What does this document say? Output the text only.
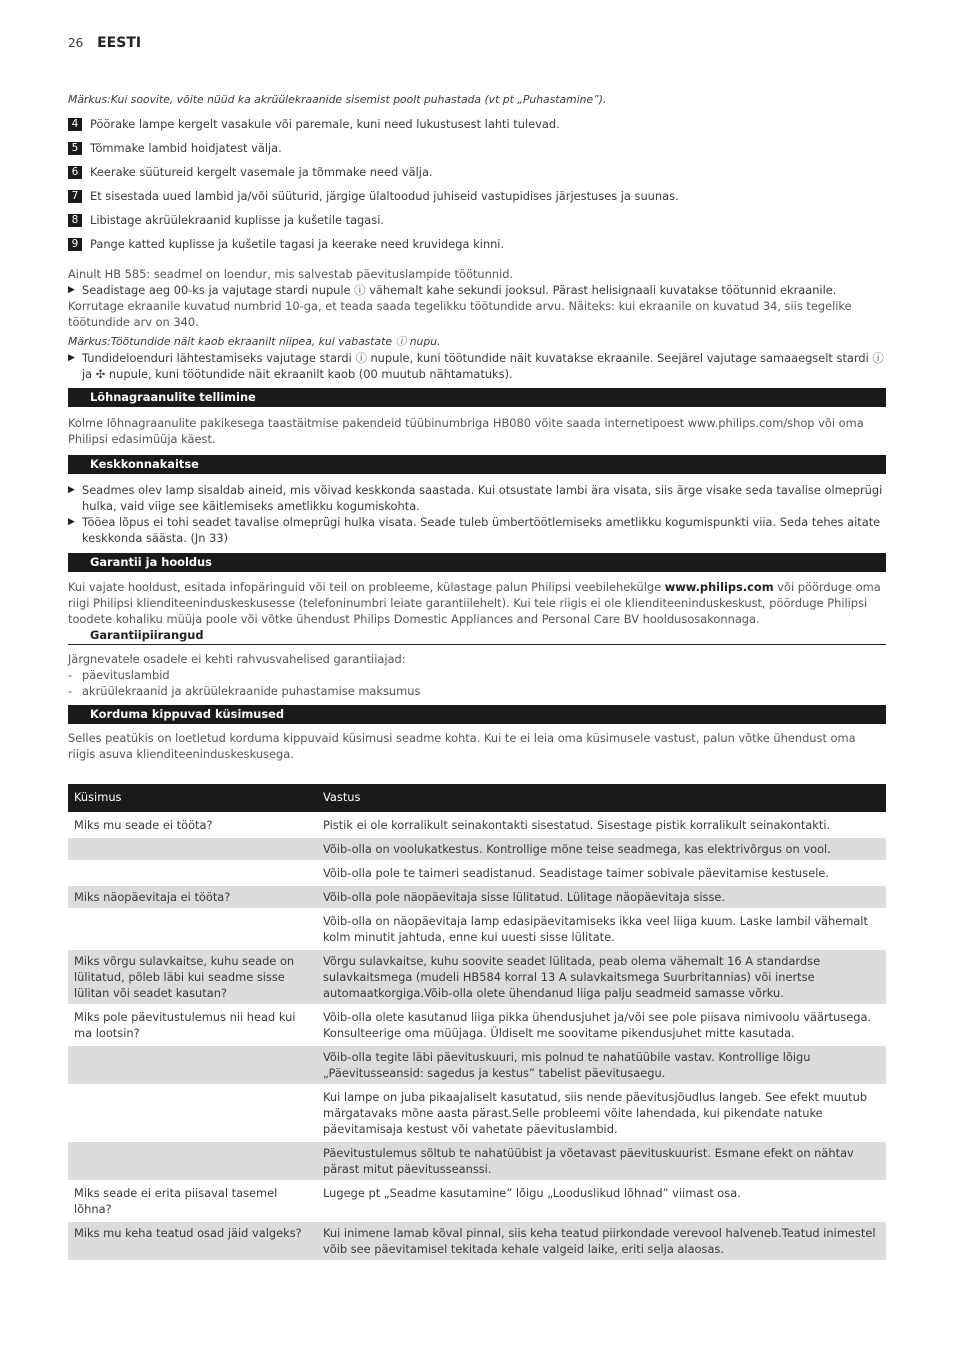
26 EESTI
Märkus:Kui soovite, võite nüüd ka akrüülekraanide sisemist poolt puhastada (vt pt „Puhastamine”).
4	Pöörake lampe kergelt vasakule või paremale, kuni need lukustusest lahti tulevad.
5	Tõmmake lambid hoidjatest välja.
6	Keerake süütureid kergelt vasemale ja tõmmake need välja.
7	Et sisestada uued lambid ja/või süüturid, järgige ülaltoodud juhiseid vastupidises järjestuses ja suunas.
8	Libistage akrüülekraanid kuplisse ja kušetile tagasi.
9	Pange katted kuplisse ja kušetile tagasi ja keerake need kruvidega kinni.
Ainult HB 585: seadmel on loendur, mis salvestab päevituslampide töötunnid.
▶ Seadistage aeg 00-ks ja vajutage stardi nupule ⓘ vähemalt kahe sekundi jooksul. Pärast helisignaali kuvatakse töötunnid ekraanile.
Korrutage ekraanile kuvatud numbrid 10-ga, et teada saada tegelikku töötundide arvu. Näiteks: kui ekraanile on kuvatud 34, siis tegelike töötundide arv on 340.
Märkus:Töötundide näit kaob ekraanilt niipea, kui vabastate ⓘ nupu.
▶ Tundideloenduri lähtestamiseks vajutage stardi ⓘ nupule, kuni töötundide näit kuvatakse ekraanile. Seejärel vajutage samaaegselt stardi ⓘ ja ✣ nupule, kuni töötundide näit ekraanilt kaob (00 muutub nähtamatuks).
Lõhnagraanulite tellimine
Kolme lõhnagraanulite pakikesega taastäitmise pakendeid tüübinumbriga HB080 võite saada internetipoest www.philips.com/shop või oma Philipsi edasimüüja käest.
Keskkonnakaitse
▶ Seadmes olev lamp sisaldab aineid, mis võivad keskkonda saastada. Kui otsustate lambi ära visata, siis ärge visake seda tavalise olmeprügi hulka, vaid viige see käitlemiseks ametlikku kogumiskohta.
▶ Tööea lõpus ei tohi seadet tavalise olmeprügi hulka visata. Seade tuleb ümbertöötlemiseks ametlikku kogumispunkti viia. Seda tehes aitate keskkonda säästa. (Jn 33)
Garantii ja hooldus
Kui vajate hooldust, esitada infopäringuid või teil on probleeme, külastage palun Philipsi veebilehekülge www.philips.com või pöörduge oma riigi Philipsi klienditeeninduskeskusesse (telefoninumbri leiate garantiilehelt). Kui teie riigis ei ole klienditeeninduskeskust, pöörduge Philipsi toodete kohaliku müüja poole või võtke ühendust Philips Domestic Appliances and Personal Care BV hooldusosakonnaga.
Garantiipiirangud
Järgnevatele osadele ei kehti rahvusvahelised garantiiajad:
- päevituslambid
- akrüülekraanid ja akrüülekraanide puhastamise maksumus
Korduma kippuvad küsimused
Selles peatükis on loetletud korduma kippuvaid küsimusi seadme kohta. Kui te ei leia oma küsimusele vastust, palun võtke ühendust oma riigis asuva klienditeeninduskeskusega.
Küsimus	Vastus
Miks mu seade ei tööta?	Pistik ei ole korralikult seinakontakti sisestatud. Sisestage pistik korralikult seinakontakti.
	Võib-olla on voolukatkestus. Kontrollige mõne teise seadmega, kas elektrivõrgus on vool.
	Võib-olla pole te taimeri seadistanud. Seadistage taimer sobivale päevitamise kestusele.
Miks näopäevitaja ei tööta?	Võib-olla pole näopäevitaja sisse lülitatud. Lülitage näopäevitaja sisse.
	Võib-olla on näopäevitaja lamp edasipäevitamiseks ikka veel liiga kuum. Laske lambil vähemalt kolm minutit jahtuda, enne kui uuesti sisse lülitate.
Miks võrgu sulavkaitse, kuhu seade on lülitatud, põleb läbi kui seadme sisse lülitan või seadet kasutan?	Võrgu sulavkaitse, kuhu soovite seadet lülitada, peab olema vähemalt 16 A standardse sulavkaitsmega (mudeli HB584 korral 13 A sulavkaitsmega Suurbritannias) või inertse automaatkorgiga.Võib-olla olete ühendanud liiga palju seadmeid samasse võrku.
Miks pole päevitustulemus nii head kui ma lootsin?	Võib-olla olete kasutanud liiga pikka ühendusjuhet ja/või see pole piisava nimivoolu väärtusega. Konsulteerige oma müüjaga. Üldiselt me soovitame pikendusjuhet mitte kasutada.
	Võib-olla tegite läbi päevituskuuri, mis polnud te nahatüübile vastav. Kontrollige lõigu „Päevitusseansid: sagedus ja kestus” tabelist päevitusaegu.
	Kui lampe on juba pikaajaliselt kasutatud, siis nende päevitusjõudlus langeb. See efekt muutub märgatavaks mõne aasta pärast.Selle probleemi võite lahendada, kui pikendate natuke päevitamisaja kestust või vahetate päevituslambid.
	Päevitustulemus sõltub te nahatüübist ja võetavast päevituskuurist. Esmane efekt on nähtav pärast mitut päevitusseanssi.
Miks seade ei erita piisaval tasemel lõhna?	Lugege pt „Seadme kasutamine” lõigu „Looduslikud lõhnad” viimast osa.
Miks mu keha teatud osad jäid valgeks?	Kui inimene lamab kõval pinnal, siis keha teatud piirkondade verevool halveneb.Teatud inimestel võib see päevitamisel tekitada kehale valgeid laike, eriti selja alaosas.
